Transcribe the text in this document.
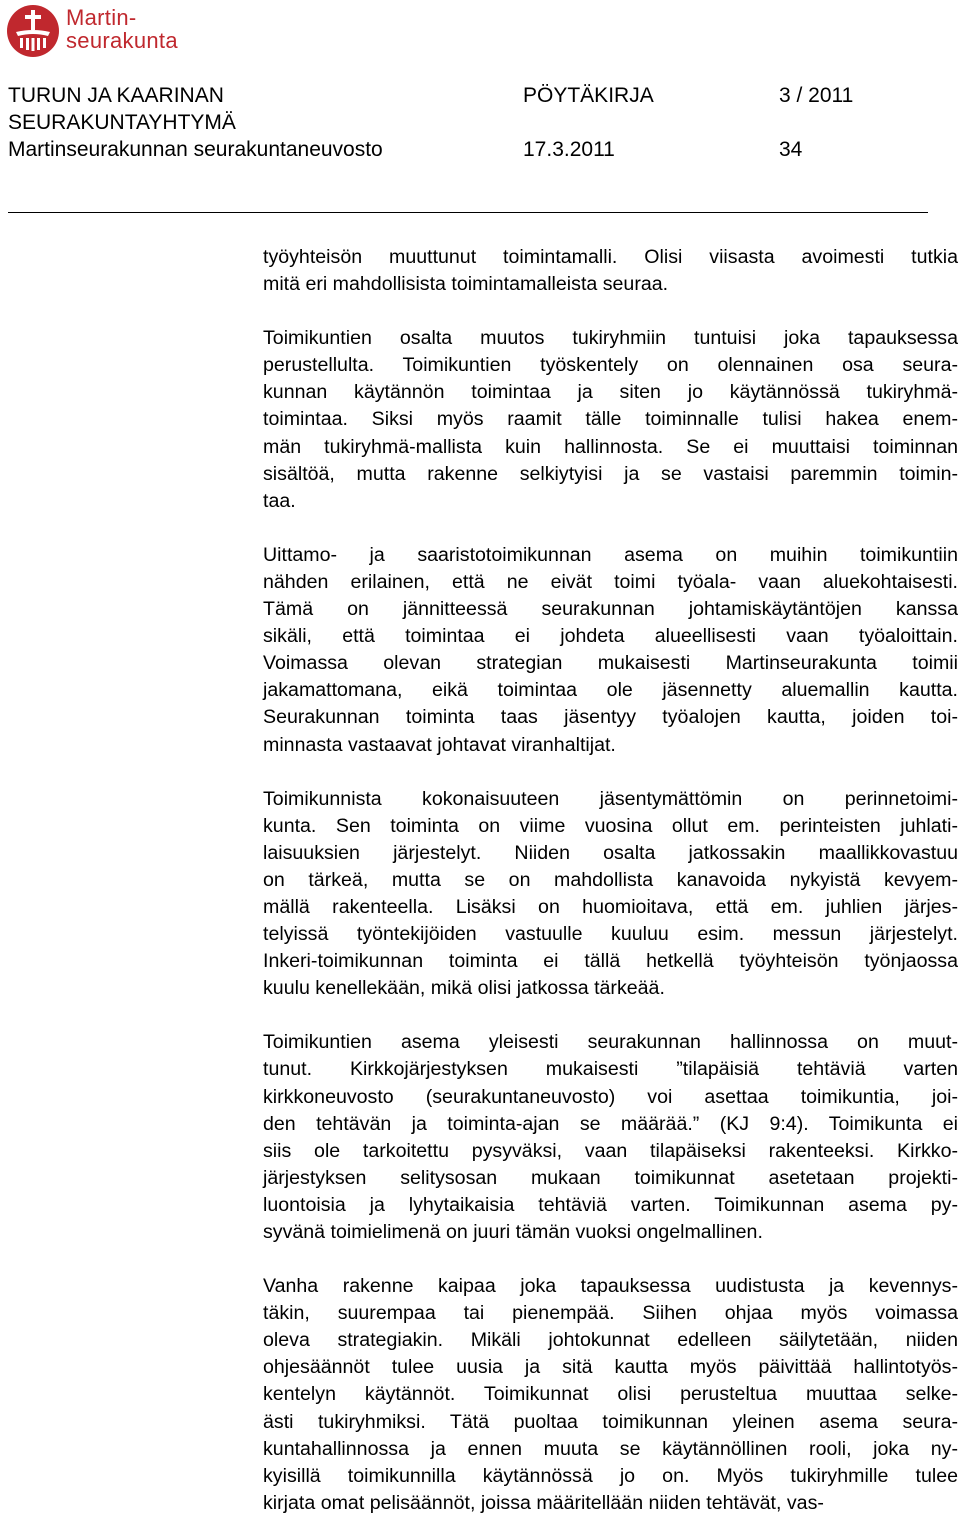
Martin-
seurakunta
TURUN JA KAARINAN
SEURAKUNTAYHTYMÄ
Martinseurakunnan seurakuntaneuvosto
PÖYTÄKIRJA
17.3.2011
3 / 2011
34
työyhteisön muuttunut toimintamalli. Olisi viisasta avoimesti tutkia
mitä eri mahdollisista toimintamalleista seuraa.
Toimikuntien osalta muutos tukiryhmiin tuntuisi joka tapauksessa
perustellulta. Toimikuntien työskentely on olennainen osa seura-
kunnan käytännön toimintaa ja siten jo käytännössä tukiryhmä-
toimintaa. Siksi myös raamit tälle toiminnalle tulisi hakea enem-
män tukiryhmä-mallista kuin hallinnosta. Se ei muuttaisi toiminnan
sisältöä, mutta rakenne selkiytyisi ja se vastaisi paremmin toimin-
taa.
Uittamo- ja saaristotoimikunnan asema on muihin toimikuntiin
nähden erilainen, että ne eivät toimi työala- vaan aluekohtaisesti.
Tämä on jännitteessä seurakunnan johtamiskäytäntöjen kanssa
sikäli, että toimintaa ei johdeta alueellisesti vaan työaloittain.
Voimassa olevan strategian mukaisesti Martinseurakunta toimii
jakamattomana, eikä toimintaa ole jäsennetty aluemallin kautta.
Seurakunnan toiminta taas jäsentyy työalojen kautta, joiden toi-
minnasta vastaavat johtavat viranhaltijat.
Toimikunnista kokonaisuuteen jäsentymättömin on perinnetoimi-
kunta. Sen toiminta on viime vuosina ollut em. perinteisten juhlati-
laisuuksien järjestelyt. Niiden osalta jatkossakin maallikkovastuu
on tärkeä, mutta se on mahdollista kanavoida nykyistä kevyem-
mällä rakenteella. Lisäksi on huomioitava, että em. juhlien järjes-
telyissä työntekijöiden vastuulle kuuluu esim. messun järjestelyt.
Inkeri-toimikunnan toiminta ei tällä hetkellä työyhteisön työnjaossa
kuulu kenellekään, mikä olisi jatkossa tärkeää.
Toimikuntien asema yleisesti seurakunnan hallinnossa on muut-
tunut. Kirkkojärjestyksen mukaisesti ”tilapäisiä tehtäviä varten
kirkkoneuvosto (seurakuntaneuvosto) voi asettaa toimikuntia, joi-
den tehtävän ja toiminta-ajan se määrää.” (KJ 9:4). Toimikunta ei
siis ole tarkoitettu pysyväksi, vaan tilapäiseksi rakenteeksi. Kirkko-
järjestyksen selitysosan mukaan toimikunnat asetetaan projekti-
luontoisia ja lyhytaikaisia tehtäviä varten. Toimikunnan asema py-
syvänä toimielimenä on juuri tämän vuoksi ongelmallinen.
Vanha rakenne kaipaa joka tapauksessa uudistusta ja kevennys-
täkin, suurempaa tai pienempää. Siihen ohjaa myös voimassa
oleva strategiakin. Mikäli johtokunnat edelleen säilytetään, niiden
ohjesäännöt tulee uusia ja sitä kautta myös päivittää hallintotyös-
kentelyn käytännöt. Toimikunnat olisi perusteltua muuttaa selke-
ästi tukiryhmiksi. Tätä puoltaa toimikunnan yleinen asema seura-
kuntahallinnossa ja ennen muuta se käytännöllinen rooli, joka ny-
kyisillä toimikunnilla käytännössä jo on. Myös tukiryhmille tulee
kirjata omat pelisäännöt, joissa määritellään niiden tehtävät, vas-
